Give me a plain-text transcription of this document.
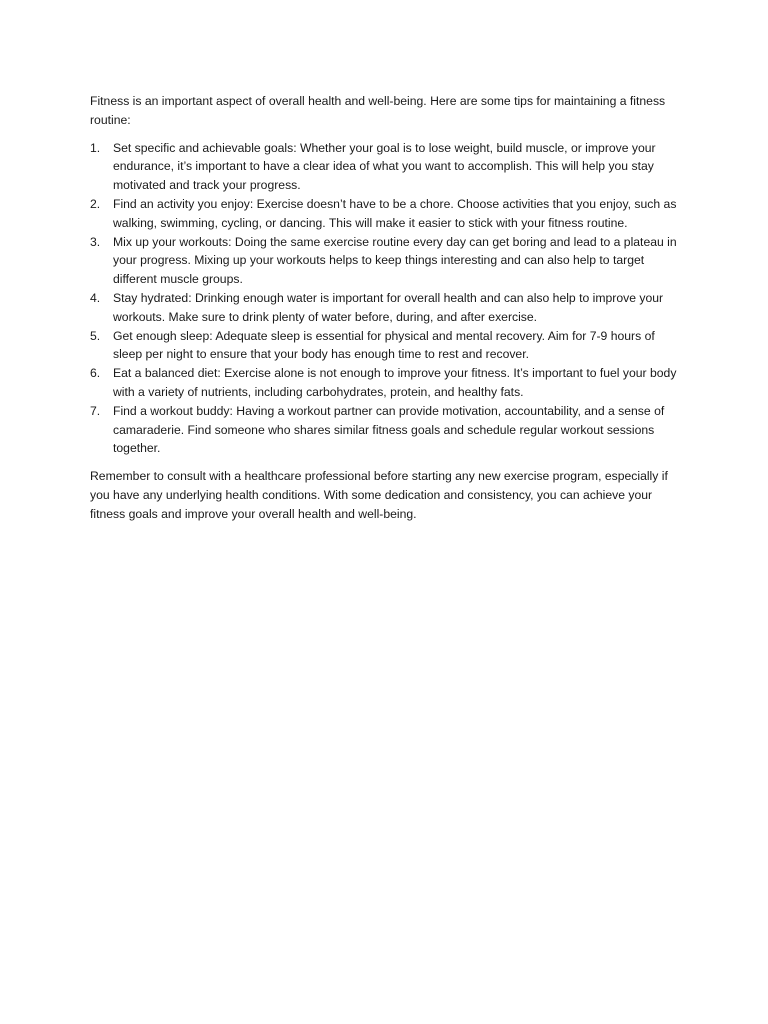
Fitness is an important aspect of overall health and well-being. Here are some tips for maintaining a fitness routine:

1. Set specific and achievable goals: Whether your goal is to lose weight, build muscle, or improve your endurance, it’s important to have a clear idea of what you want to accomplish. This will help you stay motivated and track your progress.
2. Find an activity you enjoy: Exercise doesn’t have to be a chore. Choose activities that you enjoy, such as walking, swimming, cycling, or dancing. This will make it easier to stick with your fitness routine.
3. Mix up your workouts: Doing the same exercise routine every day can get boring and lead to a plateau in your progress. Mixing up your workouts helps to keep things interesting and can also help to target different muscle groups.
4. Stay hydrated: Drinking enough water is important for overall health and can also help to improve your workouts. Make sure to drink plenty of water before, during, and after exercise.
5. Get enough sleep: Adequate sleep is essential for physical and mental recovery. Aim for 7-9 hours of sleep per night to ensure that your body has enough time to rest and recover.
6. Eat a balanced diet: Exercise alone is not enough to improve your fitness. It’s important to fuel your body with a variety of nutrients, including carbohydrates, protein, and healthy fats.
7. Find a workout buddy: Having a workout partner can provide motivation, accountability, and a sense of camaraderie. Find someone who shares similar fitness goals and schedule regular workout sessions together.

Remember to consult with a healthcare professional before starting any new exercise program, especially if you have any underlying health conditions. With some dedication and consistency, you can achieve your fitness goals and improve your overall health and well-being.
